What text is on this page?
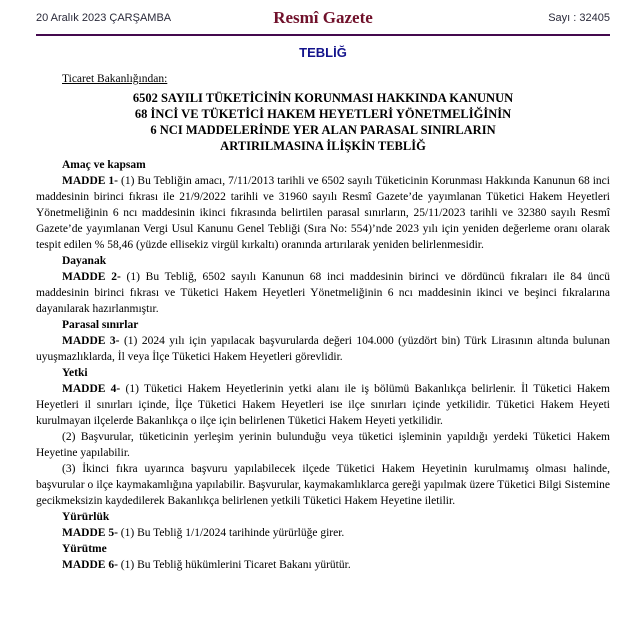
20 Aralık 2023 ÇARŞAMBA	Resmî Gazete	Sayı : 32405
TEBLİĞ
Ticaret Bakanlığından:
6502 SAYILI TÜKETİCİNİN KORUNMASI HAKKINDA KANUNUN
68 İNCİ VE TÜKETİCİ HAKEM HEYETLERİ YÖNETMELİĞİNİN
6 NCI MADDELERİNDE YER ALAN PARASAL SINIRLARIN
ARTIRILMASINA İLİŞKİN TEBLİĞ
Amaç ve kapsam

MADDE 1- (1) Bu Tebliğin amacı, 7/11/2013 tarihli ve 6502 sayılı Tüketicinin Korunması Hakkında Kanunun 68 inci maddesinin birinci fıkrası ile 21/9/2022 tarihli ve 31960 sayılı Resmî Gazete’de yayımlanan Tüketici Hakem Heyetleri Yönetmeliğinin 6 ncı maddesinin ikinci fıkrasında belirtilen parasal sınırların, 25/11/2023 tarihli ve 32380 sayılı Resmî Gazete’de yayımlanan Vergi Usul Kanunu Genel Tebliği (Sıra No: 554)’nde 2023 yılı için yeniden değerleme oranı olarak tespit edilen % 58,46 (yüzde ellisekiz virgül kırkaltı) oranında artırılarak yeniden belirlenmesidir.

Dayanak

MADDE 2- (1) Bu Tebliğ, 6502 sayılı Kanunun 68 inci maddesinin birinci ve dördüncü fıkraları ile 84 üncü maddesinin birinci fıkrası ve Tüketici Hakem Heyetleri Yönetmeliğinin 6 ncı maddesinin ikinci ve beşinci fıkralarına dayanılarak hazırlanmıştır.

Parasal sınırlar

MADDE 3- (1) 2024 yılı için yapılacak başvurularda değeri 104.000 (yüzdört bin) Türk Lirasının altında bulunan uyuşmazlıklarda, İl veya İlçe Tüketici Hakem Heyetleri görevlidir.

Yetki

MADDE 4- (1) Tüketici Hakem Heyetlerinin yetki alanı ile iş bölümü Bakanlıkça belirlenir. İl Tüketici Hakem Heyetleri il sınırları içinde, İlçe Tüketici Hakem Heyetleri ise ilçe sınırları içinde yetkilidir. Tüketici Hakem Heyeti kurulmayan ilçelerde Bakanlıkça o ilçe için belirlenen Tüketici Hakem Heyeti yetkilidir.

(2) Başvurular, tüketicinin yerleşim yerinin bulunduğu veya tüketici işleminin yapıldığı yerdeki Tüketici Hakem Heyetine yapılabilir.

(3) İkinci fıkra uyarınca başvuru yapılabilecek ilçede Tüketici Hakem Heyetinin kurulmamış olması halinde, başvurular o ilçe kaymakamlığına yapılabilir. Başvurular, kaymakamlıklarca gereği yapılmak üzere Tüketici Bilgi Sistemine gecikmeksizin kaydedilerek Bakanlıkça belirlenen yetkili Tüketici Hakem Heyetine iletilir.

Yürürlük

MADDE 5- (1) Bu Tebliğ 1/1/2024 tarihinde yürürlüğe girer.

Yürütme

MADDE 6- (1) Bu Tebliğ hükümlerini Ticaret Bakanı yürütür.
